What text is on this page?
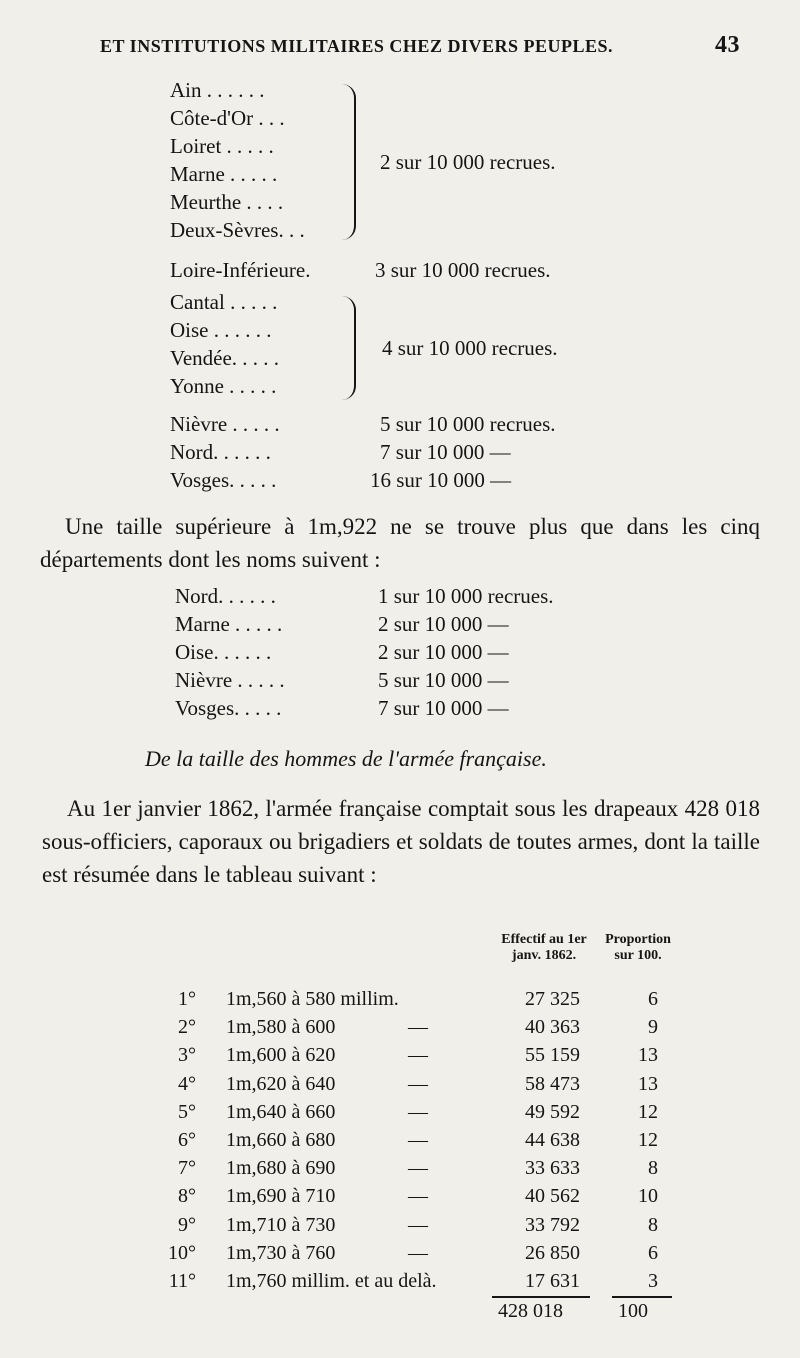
ET INSTITUTIONS MILITAIRES CHEZ DIVERS PEUPLES.	43
Ain . . . . . .
Côte-d'Or . . .
Loiret . . . . .
Marne . . . . .
Meurthe . . . .
Deux-Sèvres. . .
2 sur 10 000 recrues.
Loire-Inférieure.	3 sur 10 000 recrues.
Cantal . . . . .
Oise . . . . . .
Vendée. . . . .
Yonne . . . . .
4 sur 10 000 recrues.
Nièvre . . . . .	5 sur 10 000 recrues.
Nord. . . . . .	7 sur 10 000 —
Vosges. . . . .	16 sur 10 000 —
Une taille supérieure à 1m,922 ne se trouve plus que dans les cinq départements dont les noms suivent :
Nord. . . . . .	1 sur 10 000 recrues.
Marne . . . . .	2 sur 10 000 —
Oise. . . . . .	2 sur 10 000 —
Nièvre . . . . .	5 sur 10 000 —
Vosges. . . . .	7 sur 10 000 —
De la taille des hommes de l'armée française.
Au 1er janvier 1862, l'armée française comptait sous les drapeaux 428 018 sous-officiers, caporaux ou brigadiers et soldats de toutes armes, dont la taille est résumée dans le tableau suivant :
Effectif au 1er janv. 1862.
Proportion sur 100.
1° 1m,560 à 580 millim.	27 325	6
2° 1m,580 à 600	—	40 363	9
3° 1m,600 à 620	—	55 159	13
4° 1m,620 à 640	—	58 473	13
5° 1m,640 à 660	—	49 592	12
6° 1m,660 à 680	—	44 638	12
7° 1m,680 à 690	—	33 633	8
8° 1m,690 à 710	—	40 562	10
9° 1m,710 à 730	—	33 792	8
10° 1m,730 à 760	—	26 850	6
11° 1m,760 millim. et au delà.	17 631	3
428 018	100
